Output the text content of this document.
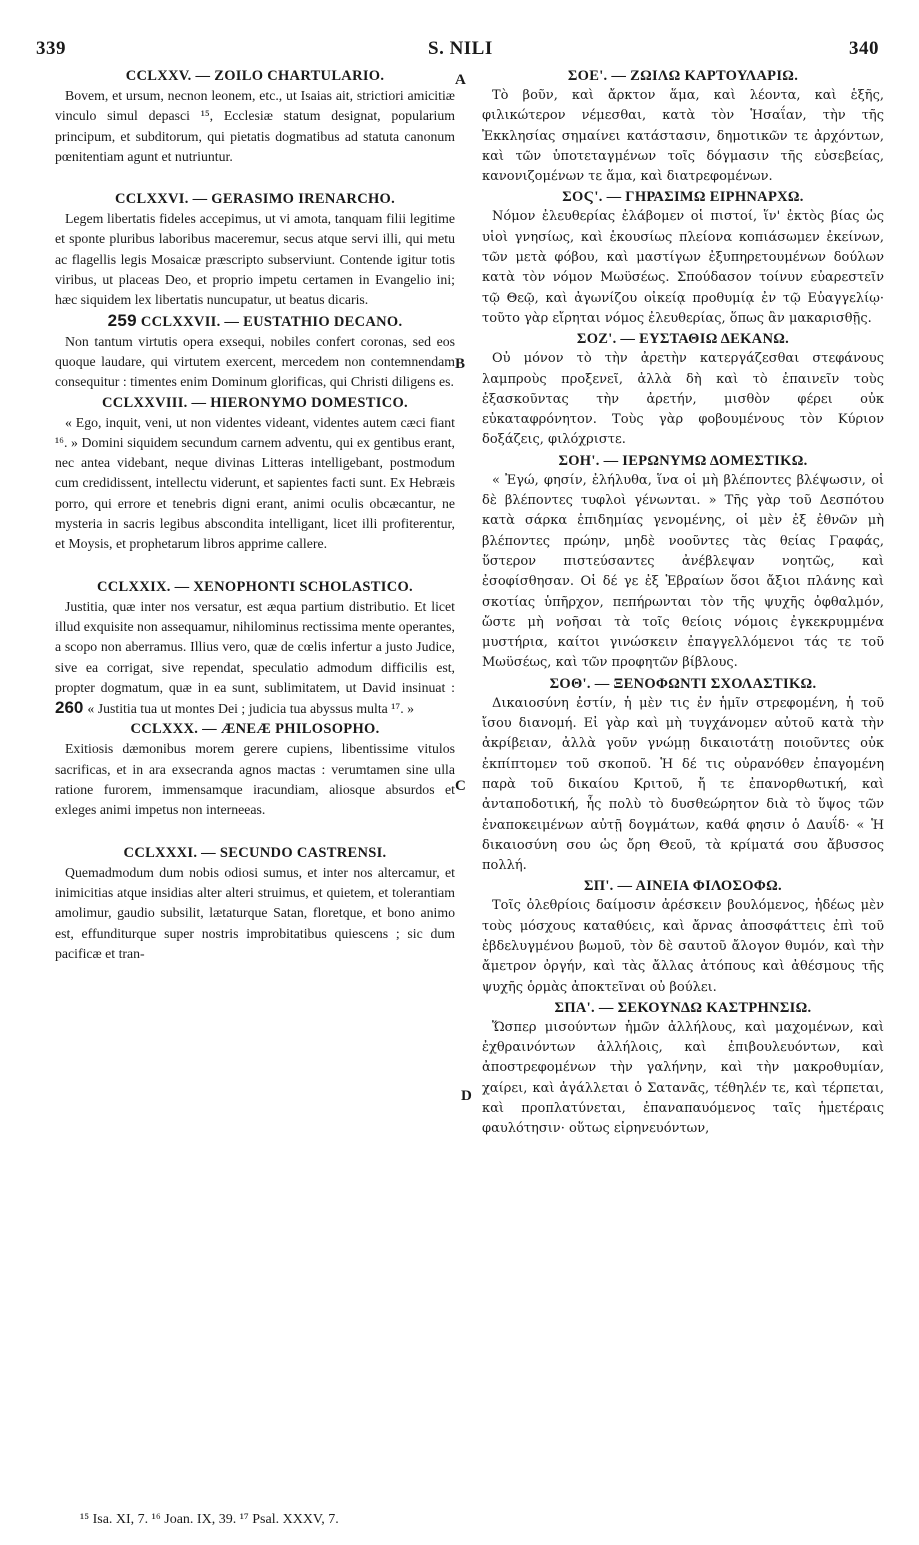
339	S. NILI	340
A
B
C
D

CCLXXV. — ZOILO CHARTULARIO.

Bovem, et ursum, necnon leonem, etc., ut Isaias ait, strictiori amicitiæ vinculo simul depasci ¹⁵, Ecclesiæ statum designat, popularium principum, et subditorum, qui pietatis dogmatibus ad statuta canonum pœnitentiam agunt et nutriuntur.

CCLXXVI. — GERASIMO IRENARCHO.

Legem libertatis fideles accepimus, ut vi amota, tanquam filii legitime et sponte pluribus laboribus maceremur, secus atque servi illi, qui metu ac flagellis legis Mosaicæ præscripto subserviunt. Contende igitur totis viribus, ut placeas Deo, et proprio impetu certamen in Evangelio ini; hæc siquidem lex libertatis nuncupatur, ut beatus dicaris.

259 CCLXXVII. — EUSTATHIO DECANO.

Non tantum virtutis opera exsequi, nobiles confert coronas, sed eos quoque laudare, qui virtutem exercent, mercedem non contemnendam consequitur : timentes enim Dominum glorificas, qui Christi diligens es.

CCLXXVIII. — HIERONYMO DOMESTICO.

« Ego, inquit, veni, ut non videntes videant, videntes autem cæci fiant ¹⁶. » Domini siquidem secundum carnem adventu, qui ex gentibus erant, nec antea videbant, neque divinas Litteras intelligebant, postmodum cum credidissent, intellectu viderunt, et sapientes facti sunt. Ex Hebræis porro, qui errore et tenebris digni erant, animi oculis obcæcantur, ne mysteria in sacris legibus abscondita intelligant, licet illi profiterentur, et Moysis, et prophetarum libros apprime callere.

CCLXXIX. — XENOPHONTI SCHOLASTICO.

Justitia, quæ inter nos versatur, est æqua partium distributio. Et licet illud exquisite non assequamur, nihilominus rectissima mente operantes, a scopo non aberramus. Illius vero, quæ de cœlis infertur a justo Judice, sive ea corrigat, sive rependat, speculatio admodum difficilis est, propter dogmatum, quæ in ea sunt, sublimitatem, ut David insinuat : 260 « Justitia tua ut montes Dei ; judicia tua abyssus multa ¹⁷. »

CCLXXX. — ÆNEÆ PHILOSOPHO.

Exitiosis dæmonibus morem gerere cupiens, libentissime vitulos sacrificas, et in ara exsecranda agnos mactas : verumtamen sine ulla ratione furorem, immensamque iracundiam, aliosque absurdos et exleges animi impetus non interneeas.

CCLXXXI. — SECUNDO CASTRENSI.

Quemadmodum dum nobis odiosi sumus, et inter nos altercamur, et inimicitias atque insidias alter alteri struimus, et quietem, et tolerantiam amolimur, gaudio subsilit, lætaturque Satan, floretque, et bono animo est, effunditurque super nostris improbitatibus quiescens ; sic dum pacificæ et tran-

ΣΟΕ'. — ΖΩΙΛΩ ΚΑΡΤΟΥΛΑΡΙΩ.

Τὸ βοῦν, καὶ ἄρκτον ἅμα, καὶ λέοντα, καὶ ἑξῆς, φιλικώτερον νέμεσθαι, κατὰ τὸν Ἡσαΐαν, τὴν τῆς Ἐκκλησίας σημαίνει κατάστασιν, δημοτικῶν τε ἀρχόντων, καὶ τῶν ὑποτεταγμένων τοῖς δόγμασιν τῆς εὐσεβείας, κανονιζομένων τε ἅμα, καὶ διατρεφομένων.

ΣΟϚ'. — ΓΗΡΑΣΙΜΩ ΕΙΡΗΝΑΡΧΩ.

Νόμον ἐλευθερίας ἐλάβομεν οἱ πιστοί, ἵν' ἐκτὸς βίας ὡς υἱοὶ γνησίως, καὶ ἑκουσίως πλείονα κοπιάσωμεν ἐκείνων, τῶν μετὰ φόβου, καὶ μαστίγων ἐξυπηρετουμένων δούλων κατὰ τὸν νόμον Μωϋσέως. Σπούδασον τοίνυν εὐαρεστεῖν τῷ Θεῷ, καὶ ἀγωνίζου οἰκείᾳ προθυμίᾳ ἐν τῷ Εὐαγγελίῳ· τοῦτο γὰρ εἴρηται νόμος ἐλευθερίας, ὅπως ἂν μακαρισθῇς.

ΣΟΖ'. — ΕΥΣΤΑΘΙΩ ΔΕΚΑΝΩ.

Οὐ μόνον τὸ τὴν ἀρετὴν κατεργάζεσθαι στεφάνους λαμπροὺς προξενεῖ, ἀλλὰ δὴ καὶ τὸ ἐπαινεῖν τοὺς ἐξασκοῦντας τὴν ἀρετήν, μισθὸν φέρει οὐκ εὐκαταφρόνητον. Τοὺς γὰρ φοβουμένους τὸν Κύριον δοξάζεις, φιλόχριστε.

ΣΟΗ'. — ΙΕΡΩΝΥΜΩ ΔΟΜΕΣΤΙΚΩ.

« Ἐγώ, φησίν, ἐλήλυθα, ἵνα οἱ μὴ βλέποντες βλέψωσιν, οἱ δὲ βλέποντες τυφλοὶ γένωνται. » Τῆς γὰρ τοῦ Δεσπότου κατὰ σάρκα ἐπιδημίας γενομένης, οἱ μὲν ἐξ ἐθνῶν μὴ βλέποντες πρώην, μηδὲ νοοῦντες τὰς θείας Γραφάς, ὕστερον πιστεύσαντες ἀνέβλεψαν νοητῶς, καὶ ἐσοφίσθησαν. Οἱ δέ γε ἐξ Ἑβραίων ὅσοι ἄξιοι πλάνης καὶ σκοτίας ὑπῆρχον, πεπήρωνται τὸν τῆς ψυχῆς ὀφθαλμόν, ὥστε μὴ νοῆσαι τὰ τοῖς θείοις νόμοις ἐγκεκρυμμένα μυστήρια, καίτοι γινώσκειν ἐπαγγελλόμενοι τάς τε τοῦ Μωϋσέως, καὶ τῶν προφητῶν βίβλους.

ΣΟΘ'. — ΞΕΝΟΦΩΝΤΙ ΣΧΟΛΑΣΤΙΚΩ.

Δικαιοσύνη ἐστίν, ἡ μὲν τις ἐν ἡμῖν στρεφομένη, ἡ τοῦ ἴσου διανομή. Εἰ γὰρ καὶ μὴ τυγχάνομεν αὐτοῦ κατὰ τὴν ἀκρίβειαν, ἀλλὰ γοῦν γνώμῃ δικαιοτάτῃ ποιοῦντες οὐκ ἐκπίπτομεν τοῦ σκοποῦ. Ἡ δέ τις οὐρανόθεν ἐπαγομένη παρὰ τοῦ δικαίου Κριτοῦ, ἤ τε ἐπανορθωτική, καὶ ἀνταποδοτική, ἧς πολὺ τὸ δυσθεώρητον διὰ τὸ ὕψος τῶν ἐναποκειμένων αὐτῇ δογμάτων, καθά φησιν ὁ Δαυΐδ· « Ἡ δικαιοσύνη σου ὡς ὄρη Θεοῦ, τὰ κρίματά σου ἄβυσσος πολλή.

ΣΠ'. — ΑΙΝΕΙΑ ΦΙΛΟΣΟΦΩ.

Τοῖς ὀλεθρίοις δαίμοσιν ἀρέσκειν βουλόμενος, ἡδέως μὲν τοὺς μόσχους καταθύεις, καὶ ἄρνας ἀποσφάττεις ἐπὶ τοῦ ἐβδελυγμένου βωμοῦ, τὸν δὲ σαυτοῦ ἄλογον θυμόν, καὶ τὴν ἄμετρον ὀργήν, καὶ τὰς ἄλλας ἀτόπους καὶ ἀθέσμους τῆς ψυχῆς ὁρμὰς ἀποκτεῖναι οὐ βούλει.

ΣΠΑ'. — ΣΕΚΟΥΝΔΩ ΚΑΣΤΡΗΝΣΙΩ.

Ὥσπερ μισούντων ἡμῶν ἀλλήλους, καὶ μαχομένων, καὶ ἐχθραινόντων ἀλλήλοις, καὶ ἐπιβουλευόντων, καὶ ἀποστρεφομένων τὴν γαλήνην, καὶ τὴν μακροθυμίαν, χαίρει, καὶ ἀγάλλεται ὁ Σατανᾶς, τέθηλέν τε, καὶ τέρπεται, καὶ προπλατύνεται, ἐπαναπαυόμενος ταῖς ἡμετέραις φαυλότησιν· οὕτως εἰρηνευόντων,

¹⁵ Isa. XI, 7. ¹⁶ Joan. IX, 39. ¹⁷ Psal. XXXV, 7.
